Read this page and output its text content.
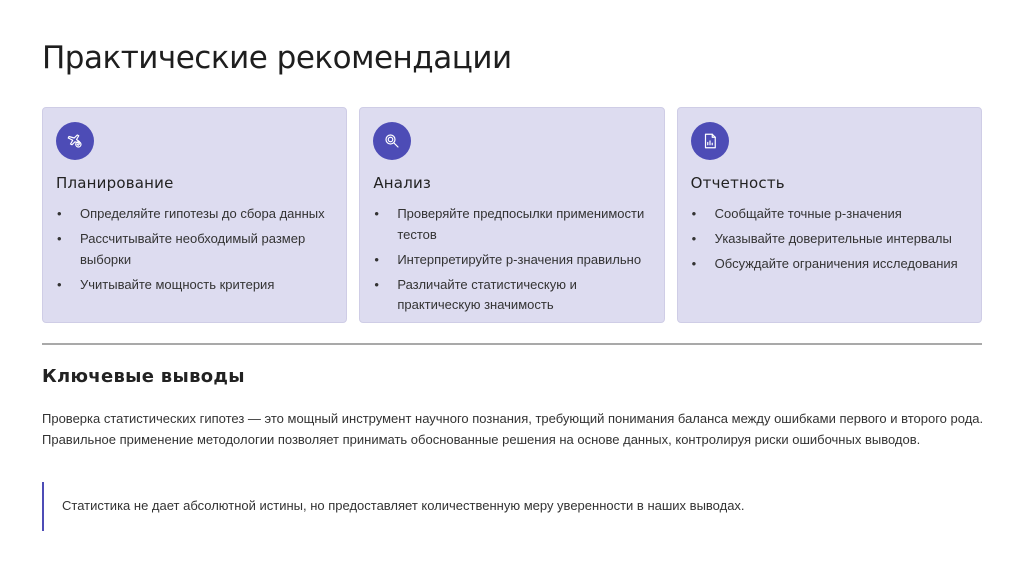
Практические рекомендации
Планирование
• Определяйте гипотезы до сбора данных
• Рассчитывайте необходимый размер выборки
• Учитывайте мощность критерия
Анализ
• Проверяйте предпосылки применимости тестов
• Интерпретируйте p-значения правильно
• Различайте статистическую и практическую значимость
Отчетность
• Сообщайте точные p-значения
• Указывайте доверительные интервалы
• Обсуждайте ограничения исследования
Ключевые выводы

Проверка статистических гипотез — это мощный инструмент научного познания, требующий понимания баланса между ошибками первого и второго рода. Правильное применение методологии позволяет принимать обоснованные решения на основе данных, контролируя риски ошибочных выводов.

Статистика не дает абсолютной истины, но предоставляет количественную меру уверенности в наших выводах.
